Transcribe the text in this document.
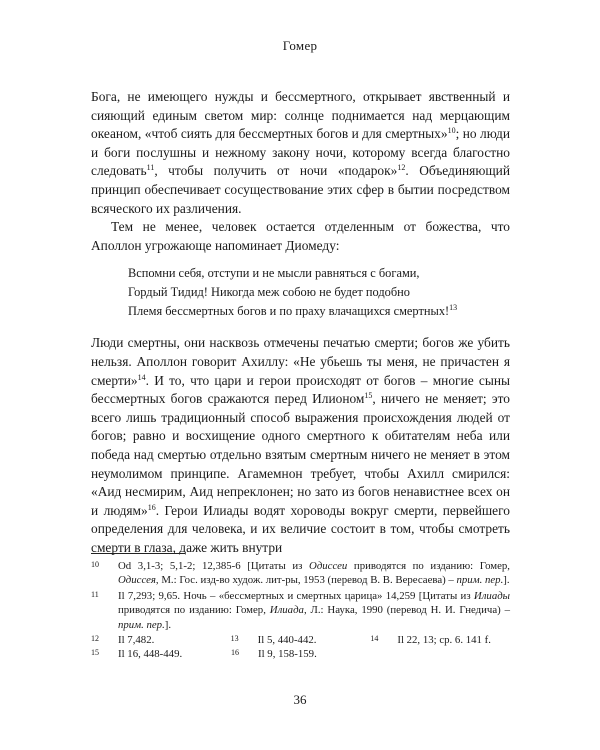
Гомер

Бога, не имеющего нужды и бессмертного, открывает явственный и сияющий единым светом мир: солнце поднимается над мерцающим океаном, «чтоб сиять для бессмертных богов и для смертных»$^{10}$; но люди и боги послушны и нежному закону ночи, которому всегда благостно следовать$^{11}$, чтобы получить от ночи «подарок»$^{12}$. Объединяющий принцип обеспечивает сосуществование этих сфер в бытии посредством всяческого их различения.

Тем не менее, человек остается отделенным от божества, что Аполлон угрожающе напоминает Диомеду:

Вспомни себя, отступи и не мысли равняться с богами,
Гордый Тидид! Никогда меж собою не будет подобно
Племя бессмертных богов и по праху влачащихся смертных!$^{13}$

Люди смертны, они насквозь отмечены печатью смерти; богов же убить нельзя. Аполлон говорит Ахиллу: «Не убьешь ты меня, не причастен я смерти»$^{14}$. И то, что цари и герои происходят от богов – многие сыны бессмертных богов сражаются перед Илионом$^{15}$, ничего не меняет; это всего лишь традиционный способ выражения происхождения людей от богов; равно и восхищение одного смертного к обитателям неба или победа над смертью отдельно взятым смертным ничего не меняет в этом неумолимом принципе. Агамемнон требует, чтобы Ахилл смирился: «Аид несмирим, Аид непреклонен; но зато из богов ненавистнее всех он и людям»$^{16}$. Герои Илиады водят хороводы вокруг смерти, первейшего определения для человека, и их величие состоит в том, чтобы смотреть смерти в глаза, даже жить внутри

10	Od 3,1-3; 5,1-2; 12,385-6 [Цитаты из Одиссеи приводятся по изданию: Гомер, Одиссея, М.: Гос. изд-во худож. лит-ры, 1953 (перевод В. В. Вересаева) – прим. пер.].
11	Il 7,293; 9,65. Ночь – «бессмертных и смертных царица» 14,259 [Цитаты из Илиады приводятся по изданию: Гомер, Илиада, Л.: Наука, 1990 (перевод Н. И. Гнедича) – прим. пер.].
12	Il 7,482.	13	Il 5, 440-442.	14	Il 22, 13; ср. 6. 141 f.
15	Il 16, 448-449.	16	Il 9, 158-159.
36
